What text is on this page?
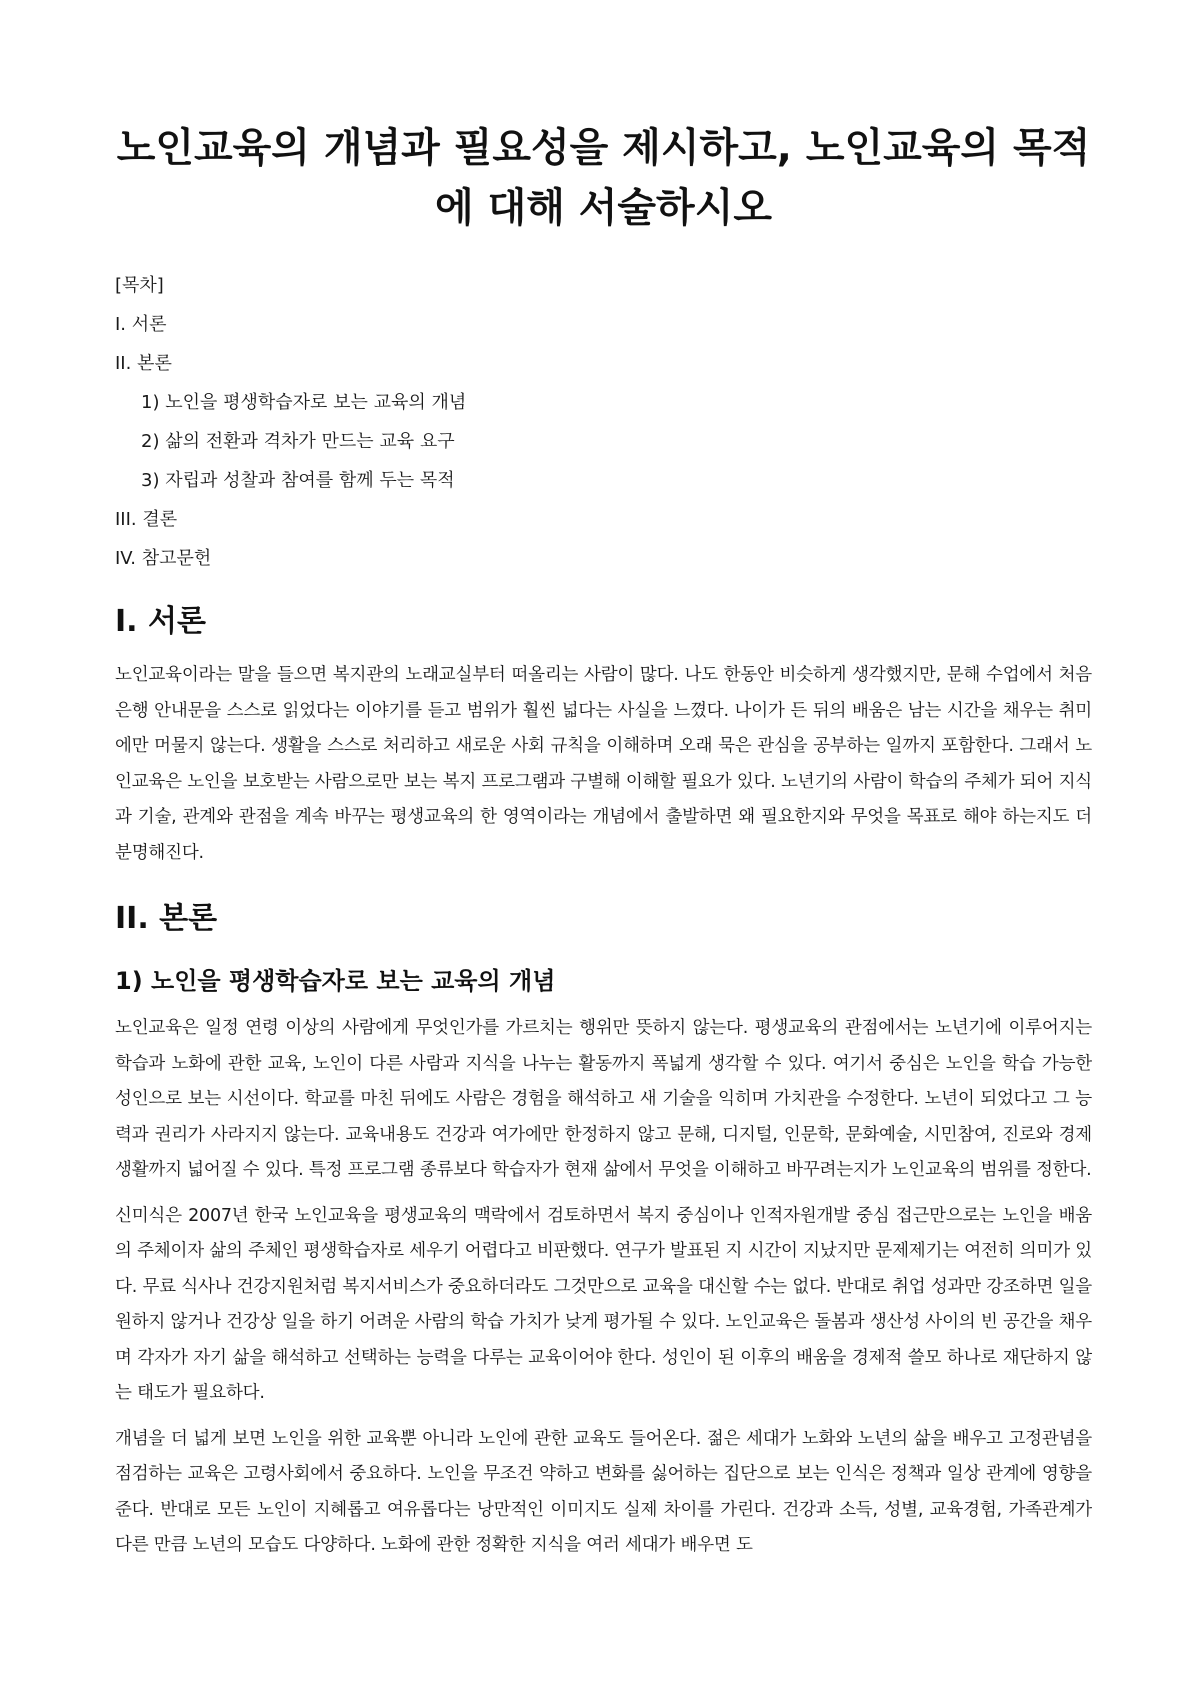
노인교육의 개념과 필요성을 제시하고, 노인교육의 목적에 대해 서술하시오
[목차]
I. 서론
II. 본론
1) 노인을 평생학습자로 보는 교육의 개념
2) 삶의 전환과 격차가 만드는 교육 요구
3) 자립과 성찰과 참여를 함께 두는 목적
III. 결론
IV. 참고문헌
I. 서론

노인교육이라는 말을 들으면 복지관의 노래교실부터 떠올리는 사람이 많다. 나도 한동안 비슷하게 생각했지만, 문해 수업에서 처음 은행 안내문을 스스로 읽었다는 이야기를 듣고 범위가 훨씬 넓다는 사실을 느꼈다. 나이가 든 뒤의 배움은 남는 시간을 채우는 취미에만 머물지 않는다. 생활을 스스로 처리하고 새로운 사회 규칙을 이해하며 오래 묵은 관심을 공부하는 일까지 포함한다. 그래서 노인교육은 노인을 보호받는 사람으로만 보는 복지 프로그램과 구별해 이해할 필요가 있다. 노년기의 사람이 학습의 주체가 되어 지식과 기술, 관계와 관점을 계속 바꾸는 평생교육의 한 영역이라는 개념에서 출발하면 왜 필요한지와 무엇을 목표로 해야 하는지도 더 분명해진다.

II. 본론
1) 노인을 평생학습자로 보는 교육의 개념

노인교육은 일정 연령 이상의 사람에게 무엇인가를 가르치는 행위만 뜻하지 않는다. 평생교육의 관점에서는 노년기에 이루어지는 학습과 노화에 관한 교육, 노인이 다른 사람과 지식을 나누는 활동까지 폭넓게 생각할 수 있다. 여기서 중심은 노인을 학습 가능한 성인으로 보는 시선이다. 학교를 마친 뒤에도 사람은 경험을 해석하고 새 기술을 익히며 가치관을 수정한다. 노년이 되었다고 그 능력과 권리가 사라지지 않는다. 교육내용도 건강과 여가에만 한정하지 않고 문해, 디지털, 인문학, 문화예술, 시민참여, 진로와 경제생활까지 넓어질 수 있다. 특정 프로그램 종류보다 학습자가 현재 삶에서 무엇을 이해하고 바꾸려는지가 노인교육의 범위를 정한다.

신미식은 2007년 한국 노인교육을 평생교육의 맥락에서 검토하면서 복지 중심이나 인적자원개발 중심 접근만으로는 노인을 배움의 주체이자 삶의 주체인 평생학습자로 세우기 어렵다고 비판했다. 연구가 발표된 지 시간이 지났지만 문제제기는 여전히 의미가 있다. 무료 식사나 건강지원처럼 복지서비스가 중요하더라도 그것만으로 교육을 대신할 수는 없다. 반대로 취업 성과만 강조하면 일을 원하지 않거나 건강상 일을 하기 어려운 사람의 학습 가치가 낮게 평가될 수 있다. 노인교육은 돌봄과 생산성 사이의 빈 공간을 채우며 각자가 자기 삶을 해석하고 선택하는 능력을 다루는 교육이어야 한다. 성인이 된 이후의 배움을 경제적 쓸모 하나로 재단하지 않는 태도가 필요하다.

개념을 더 넓게 보면 노인을 위한 교육뿐 아니라 노인에 관한 교육도 들어온다. 젊은 세대가 노화와 노년의 삶을 배우고 고정관념을 점검하는 교육은 고령사회에서 중요하다. 노인을 무조건 약하고 변화를 싫어하는 집단으로 보는 인식은 정책과 일상 관계에 영향을 준다. 반대로 모든 노인이 지혜롭고 여유롭다는 낭만적인 이미지도 실제 차이를 가린다. 건강과 소득, 성별, 교육경험, 가족관계가 다른 만큼 노년의 모습도 다양하다. 노화에 관한 정확한 지식을 여러 세대가 배우면 도
